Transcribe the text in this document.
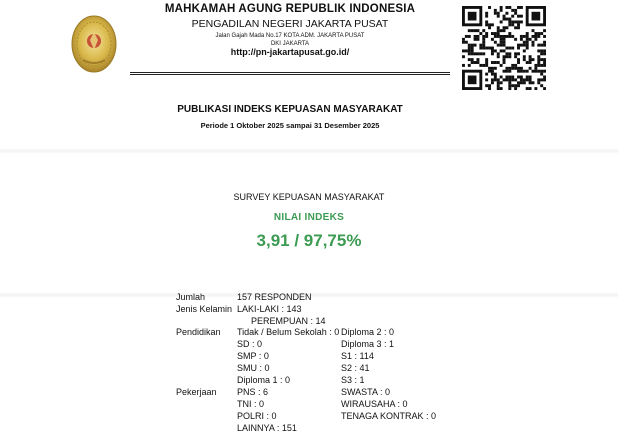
MAHKAMAH AGUNG REPUBLIK INDONESIA
PENGADILAN NEGERI JAKARTA PUSAT
Jalan Gajah Mada No.17 KOTA ADM. JAKARTA PUSAT
DKI JAKARTA
http://pn-jakartapusat.go.id/
PUBLIKASI INDEKS KEPUASAN MASYARAKAT
Periode 1 Oktober 2025 sampai 31 Desember 2025
SURVEY KEPUASAN MASYARAKAT
NILAI INDEKS
3,91 / 97,75%
Jumlah	157 RESPONDEN
Jenis Kelamin LAKI-LAKI : 143
PEREMPUAN : 14
Pendidikan Tidak / Belum Sekolah : 0
SD : 0
SMP : 0
SMU : 0
Diploma 1 : 0
Diploma 2 : 0
Diploma 3 : 1
S1 : 114
S2 : 41
S3 : 1
Pekerjaan PNS : 6
TNI : 0
POLRI : 0
LAINNYA : 151
SWASTA : 0
WIRAUSAHA : 0
TENAGA KONTRAK : 0
